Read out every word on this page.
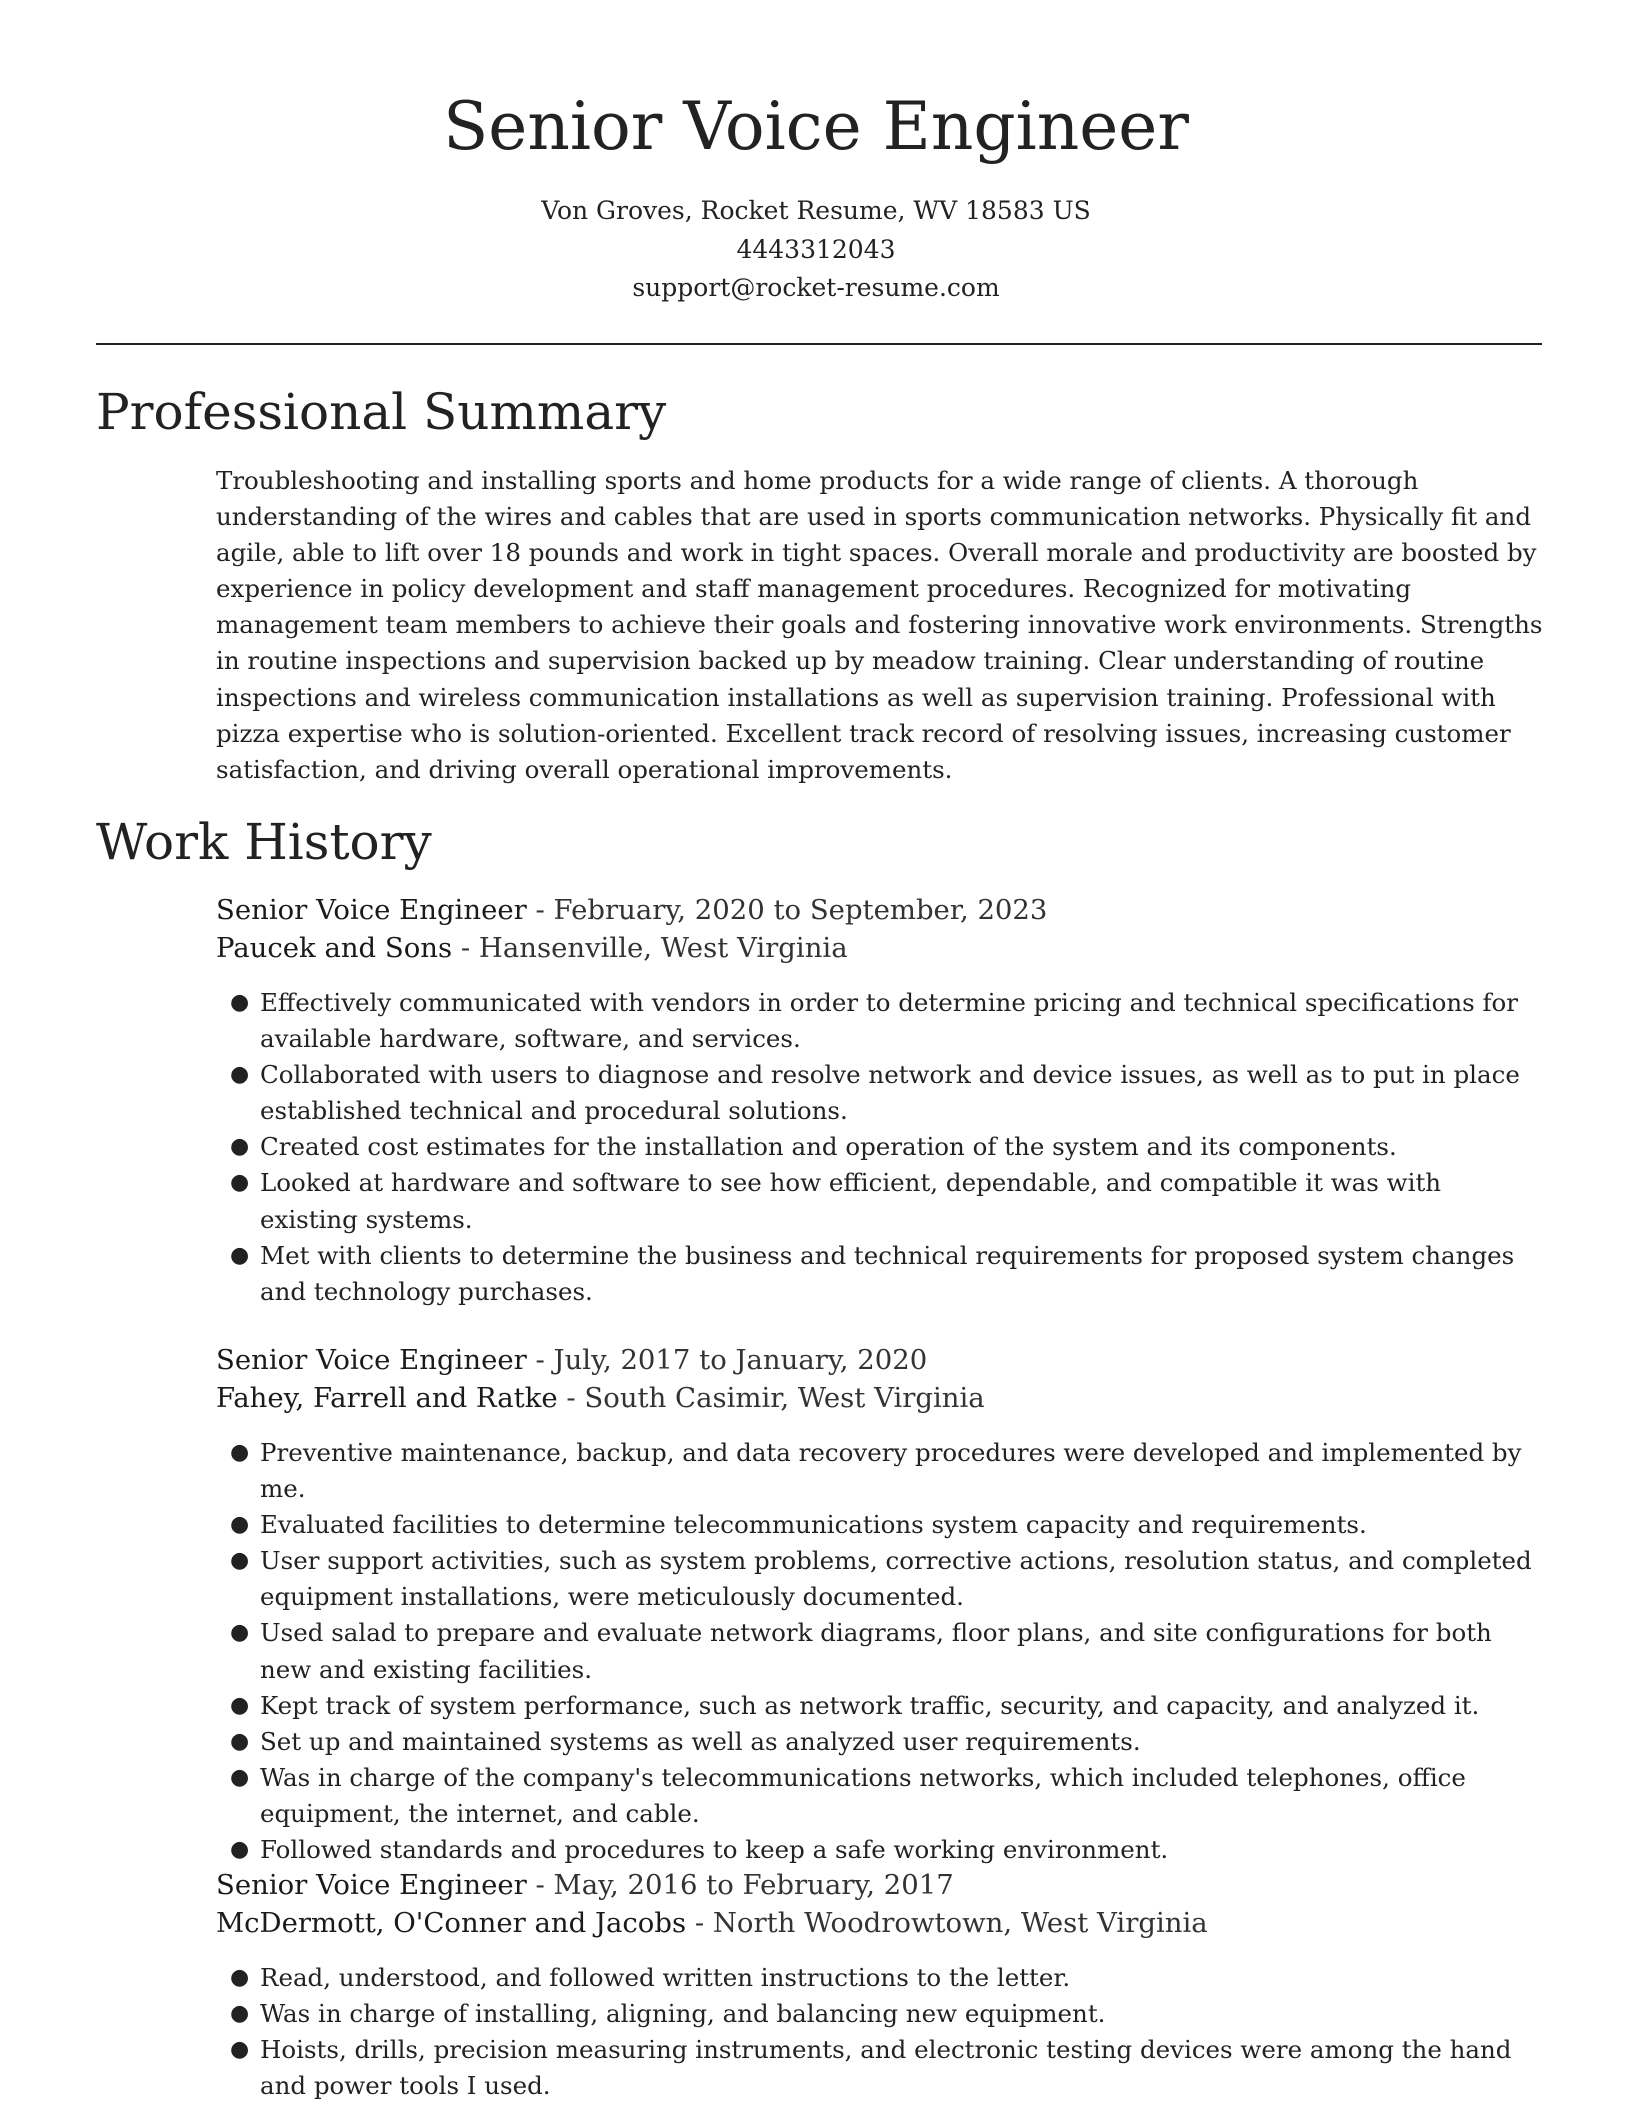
Senior Voice Engineer
Von Groves, Rocket Resume, WV 18583 US
4443312043
support@rocket-resume.com
Professional Summary

Troubleshooting and installing sports and home products for a wide range of clients. A thorough understanding of the wires and cables that are used in sports communication networks. Physically fit and agile, able to lift over 18 pounds and work in tight spaces. Overall morale and productivity are boosted by experience in policy development and staff management procedures. Recognized for motivating management team members to achieve their goals and fostering innovative work environments. Strengths in routine inspections and supervision backed up by meadow training. Clear understanding of routine inspections and wireless communication installations as well as supervision training. Professional with pizza expertise who is solution-oriented. Excellent track record of resolving issues, increasing customer satisfaction, and driving overall operational improvements.

Work History
Senior Voice Engineer - February, 2020 to September, 2023
Paucek and Sons - Hansenville, West Virginia
● Effectively communicated with vendors in order to determine pricing and technical specifications for available hardware, software, and services.
● Collaborated with users to diagnose and resolve network and device issues, as well as to put in place established technical and procedural solutions.
● Created cost estimates for the installation and operation of the system and its components.
● Looked at hardware and software to see how efficient, dependable, and compatible it was with existing systems.
● Met with clients to determine the business and technical requirements for proposed system changes and technology purchases.
Senior Voice Engineer - July, 2017 to January, 2020
Fahey, Farrell and Ratke - South Casimir, West Virginia
● Preventive maintenance, backup, and data recovery procedures were developed and implemented by me.
● Evaluated facilities to determine telecommunications system capacity and requirements.
● User support activities, such as system problems, corrective actions, resolution status, and completed equipment installations, were meticulously documented.
● Used salad to prepare and evaluate network diagrams, floor plans, and site configurations for both new and existing facilities.
● Kept track of system performance, such as network traffic, security, and capacity, and analyzed it.
● Set up and maintained systems as well as analyzed user requirements.
● Was in charge of the company's telecommunications networks, which included telephones, office equipment, the internet, and cable.
● Followed standards and procedures to keep a safe working environment.
Senior Voice Engineer - May, 2016 to February, 2017
McDermott, O'Conner and Jacobs - North Woodrowtown, West Virginia
● Read, understood, and followed written instructions to the letter.
● Was in charge of installing, aligning, and balancing new equipment.
● Hoists, drills, precision measuring instruments, and electronic testing devices were among the hand and power tools I used.
